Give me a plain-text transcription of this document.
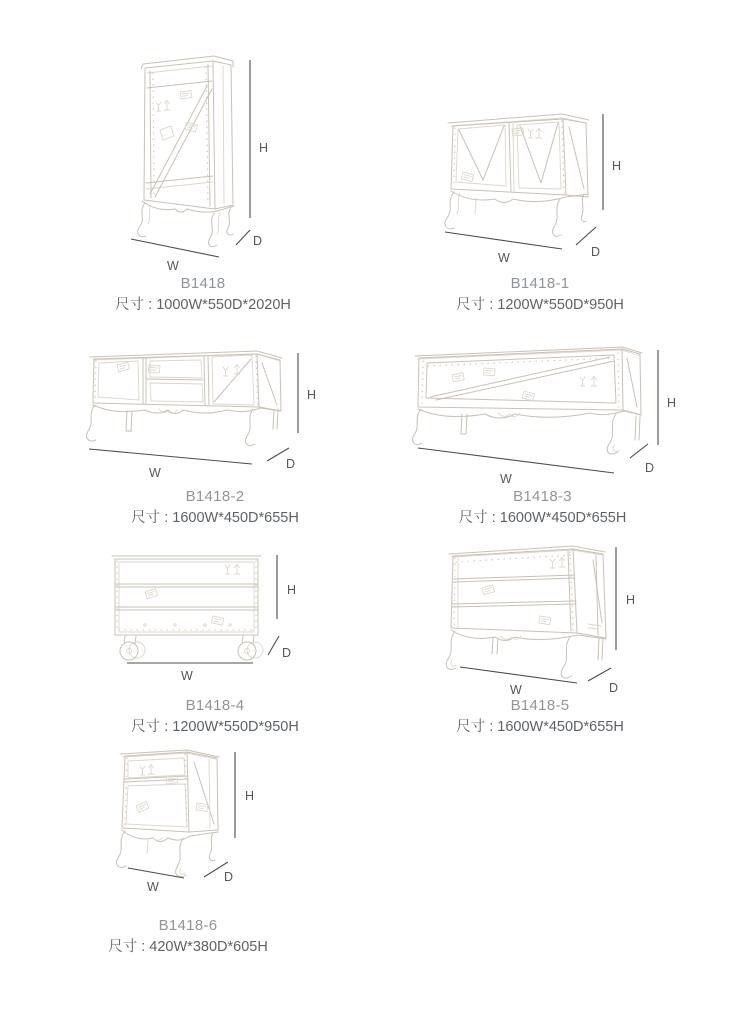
H
W
D
B1418
尺寸 : 1000W*550D*2020H
H
W	D
B1418-1
尺寸 : 1200W*550D*950H
H
W
D
B1418-2
尺寸 : 1600W*450D*655H
H
W
D
B1418-3
尺寸 : 1600W*450D*655H
H
W
D
B1418-4
尺寸 : 1200W*550D*950H
H
W	D
B1418-5
尺寸 : 1600W*450D*655H
H
W
D
B1418-6
尺寸 : 420W*380D*605H
